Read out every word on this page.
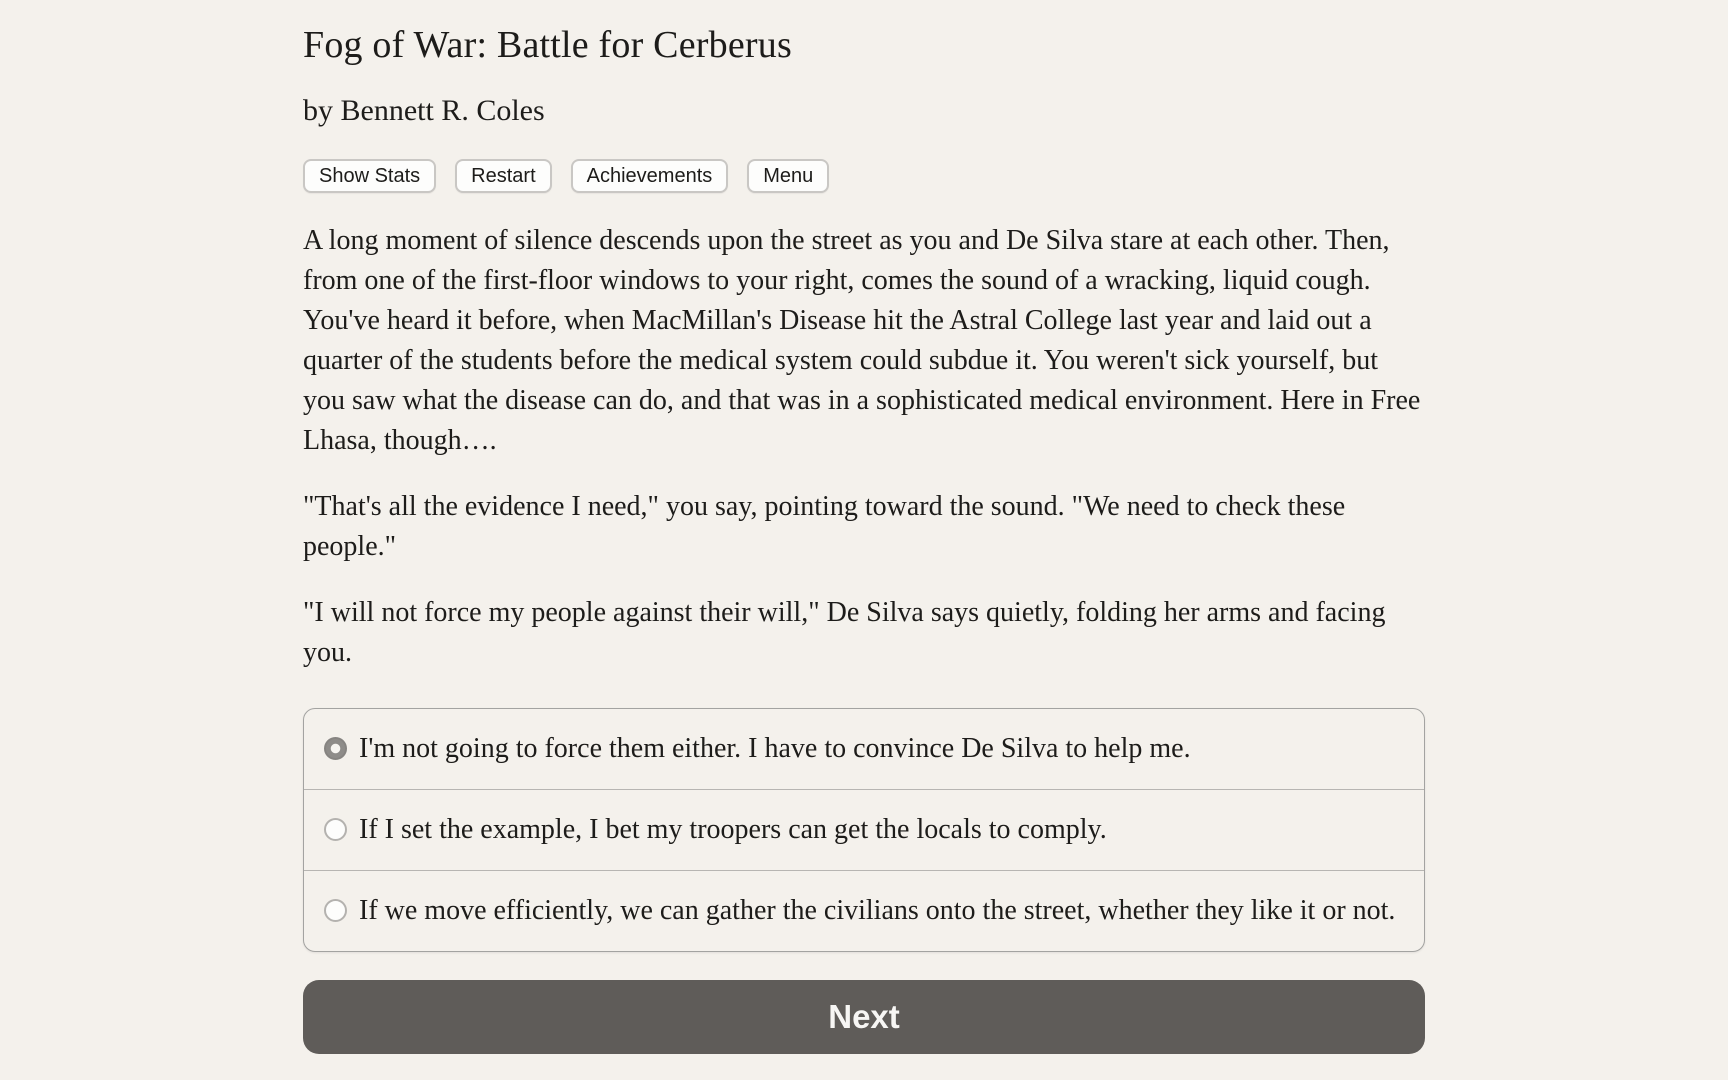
Fog of War: Battle for Cerberus
by Bennett R. Coles
Show Stats	Restart	Achievements	Menu

A long moment of silence descends upon the street as you and De Silva stare at each other. Then, from one of the first-floor windows to your right, comes the sound of a wracking, liquid cough. You've heard it before, when MacMillan's Disease hit the Astral College last year and laid out a quarter of the students before the medical system could subdue it. You weren't sick yourself, but you saw what the disease can do, and that was in a sophisticated medical environment. Here in Free Lhasa, though….

"That's all the evidence I need," you say, pointing toward the sound. "We need to check these people."

"I will not force my people against their will," De Silva says quietly, folding her arms and facing you.

I'm not going to force them either. I have to convince De Silva to help me.
If I set the example, I bet my troopers can get the locals to comply.
If we move efficiently, we can gather the civilians onto the street, whether they like it or not.
Next
